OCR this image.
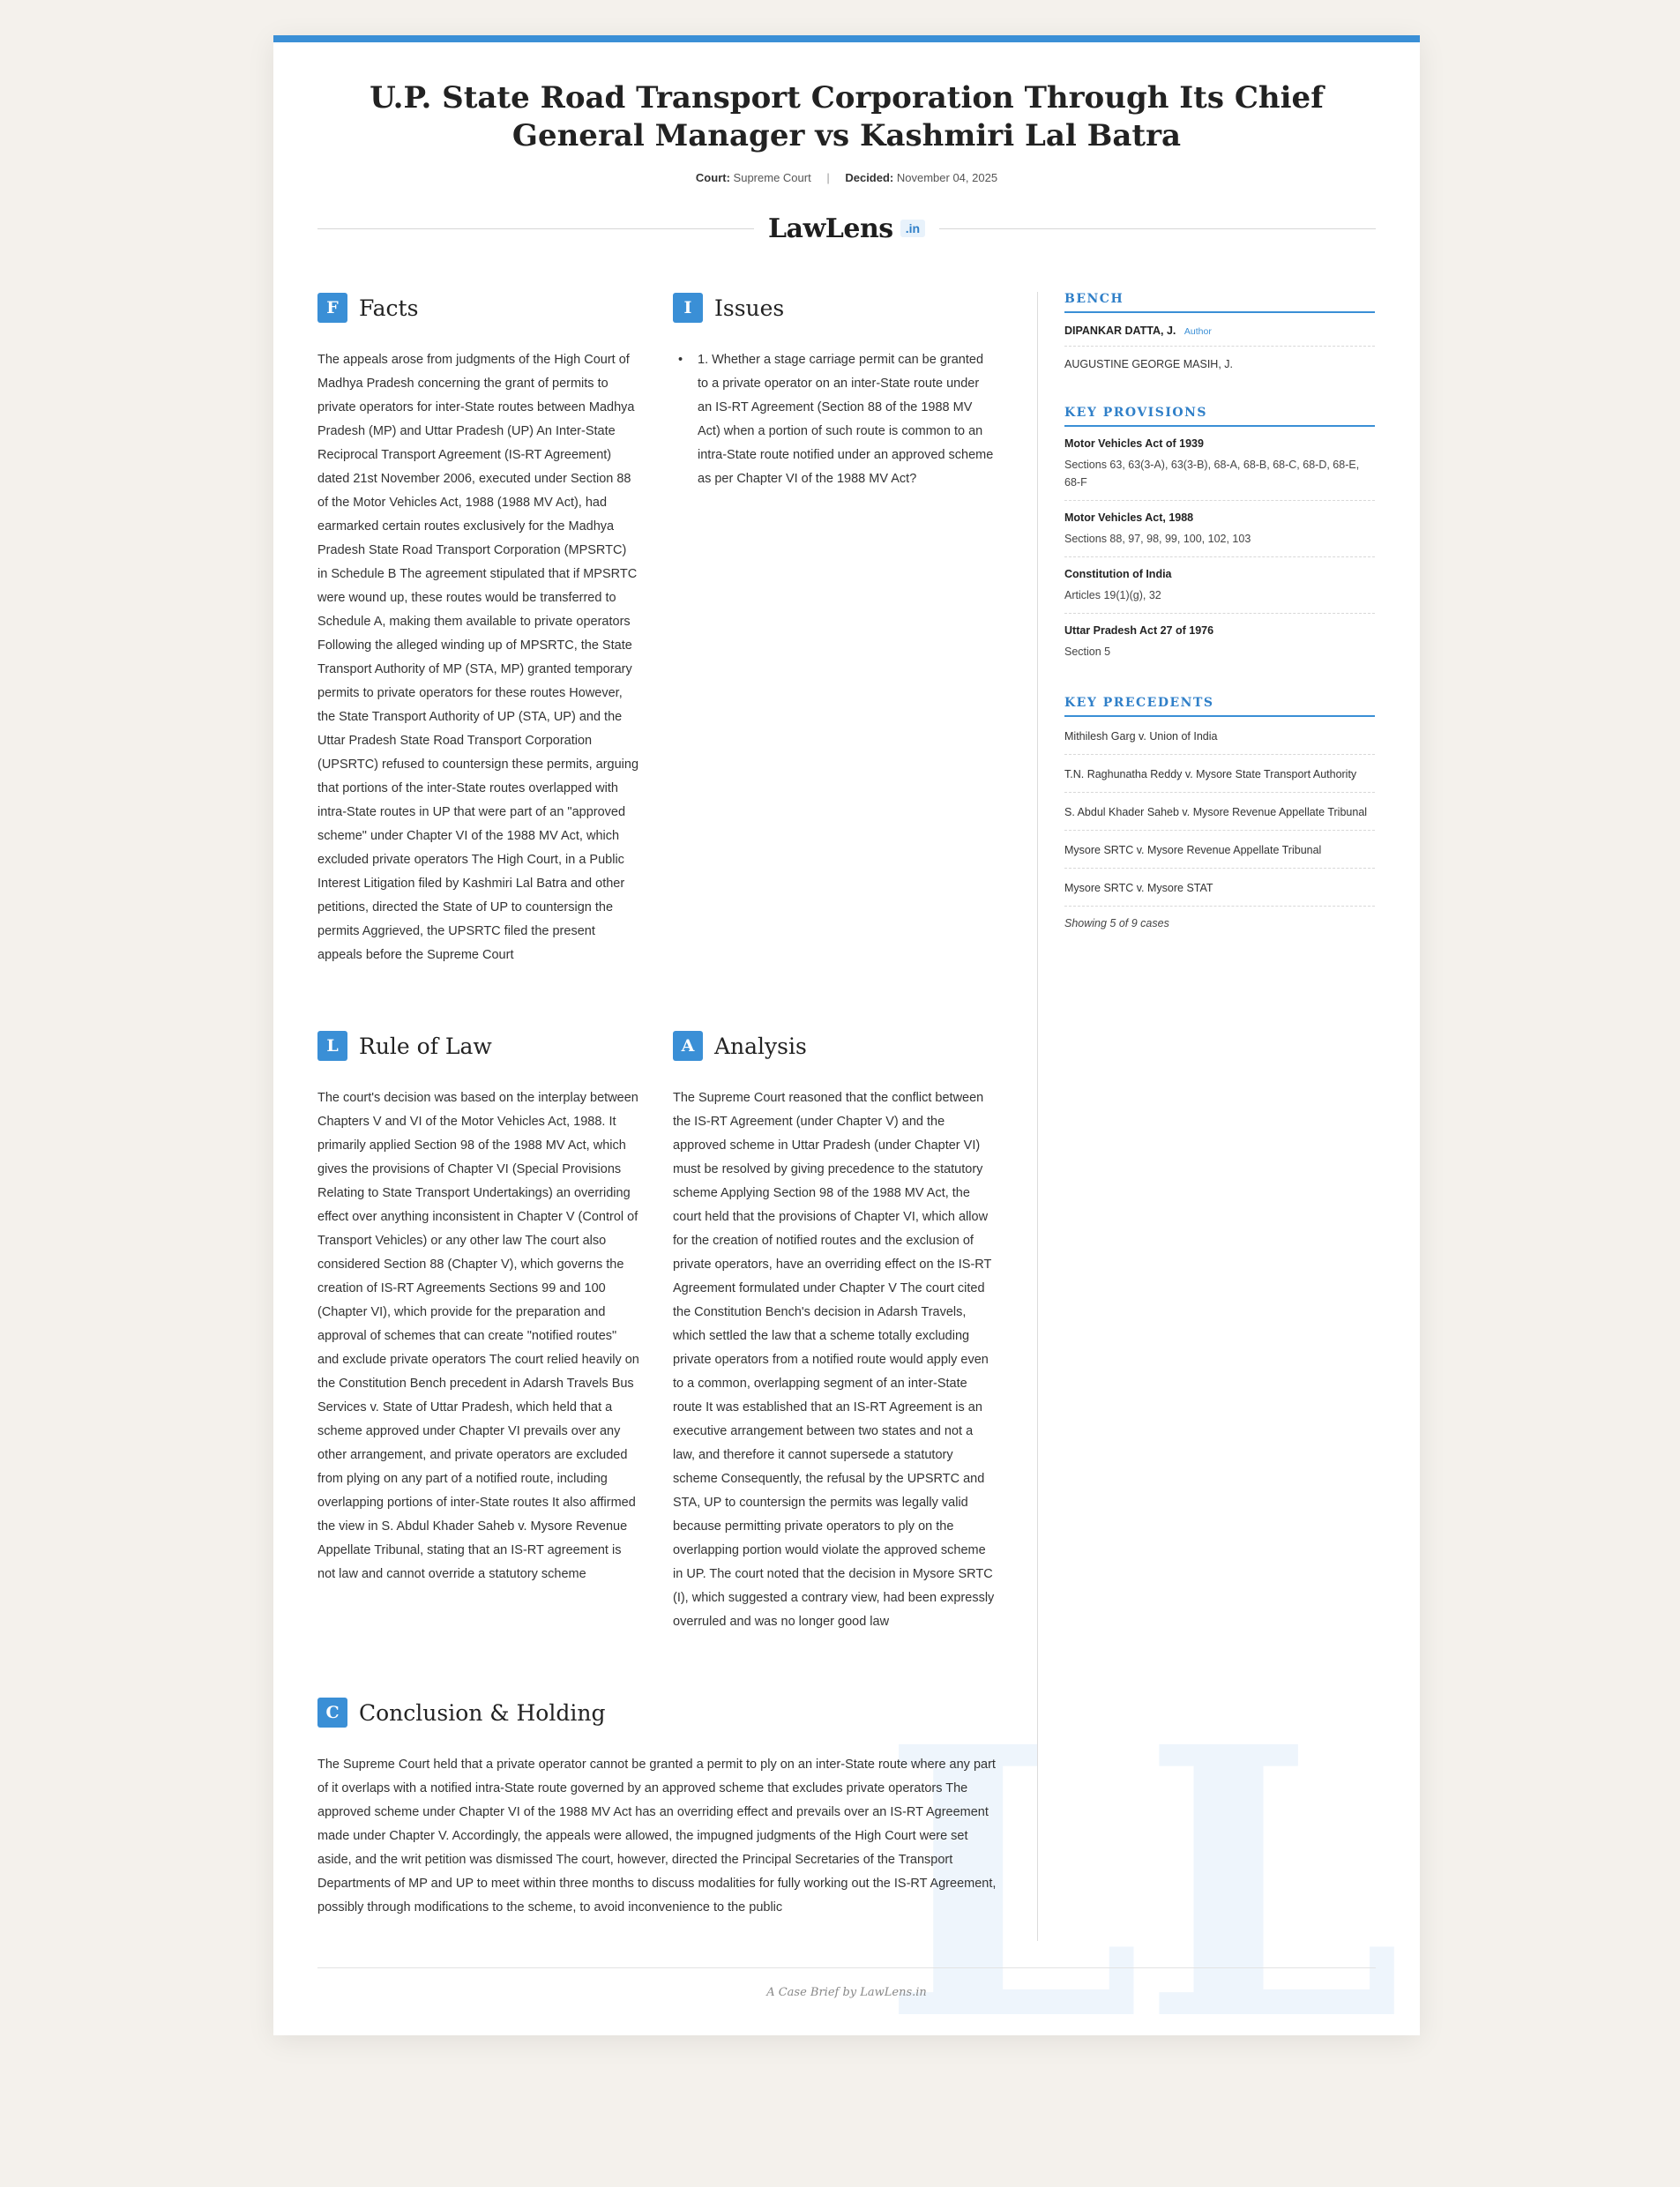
LL
U.P. State Road Transport Corporation Through Its Chief General Manager vs Kashmiri Lal Batra
Court: Supreme Court | Decided: November 04, 2025
LawLens	.in
F Facts
The appeals arose from judgments of the High Court of Madhya Pradesh concerning the grant of permits to private operators for inter-State routes between Madhya Pradesh (MP) and Uttar Pradesh (UP) An Inter-State Reciprocal Transport Agreement (IS-RT Agreement) dated 21st November 2006, executed under Section 88 of the Motor Vehicles Act, 1988 (1988 MV Act), had earmarked certain routes exclusively for the Madhya Pradesh State Road Transport Corporation (MPSRTC) in Schedule B The agreement stipulated that if MPSRTC were wound up, these routes would be transferred to Schedule A, making them available to private operators Following the alleged winding up of MPSRTC, the State Transport Authority of MP (STA, MP) granted temporary permits to private operators for these routes However, the State Transport Authority of UP (STA, UP) and the Uttar Pradesh State Road Transport Corporation (UPSRTC) refused to countersign these permits, arguing that portions of the inter-State routes overlapped with intra-State routes in UP that were part of an "approved scheme" under Chapter VI of the 1988 MV Act, which excluded private operators The High Court, in a Public Interest Litigation filed by Kashmiri Lal Batra and other petitions, directed the State of UP to countersign the permits Aggrieved, the UPSRTC filed the present appeals before the Supreme Court
I	Issues
• 1. Whether a stage carriage permit can be granted to a private operator on an inter-State route under an IS-RT Agreement (Section 88 of the 1988 MV Act) when a portion of such route is common to an intra-State route notified under an approved scheme as per Chapter VI of the 1988 MV Act?
L Rule of Law
The court's decision was based on the interplay between Chapters V and VI of the Motor Vehicles Act, 1988. It primarily applied Section 98 of the 1988 MV Act, which gives the provisions of Chapter VI (Special Provisions Relating to State Transport Undertakings) an overriding effect over anything inconsistent in Chapter V (Control of Transport Vehicles) or any other law The court also considered Section 88 (Chapter V), which governs the creation of IS-RT Agreements Sections 99 and 100 (Chapter VI), which provide for the preparation and approval of schemes that can create "notified routes" and exclude private operators The court relied heavily on the Constitution Bench precedent in Adarsh Travels Bus Services v. State of Uttar Pradesh, which held that a scheme approved under Chapter VI prevails over any other arrangement, and private operators are excluded from plying on any part of a notified route, including overlapping portions of inter-State routes It also affirmed the view in S. Abdul Khader Saheb v. Mysore Revenue Appellate Tribunal, stating that an IS-RT agreement is not law and cannot override a statutory scheme
A Analysis
The Supreme Court reasoned that the conflict between the IS-RT Agreement (under Chapter V) and the approved scheme in Uttar Pradesh (under Chapter VI) must be resolved by giving precedence to the statutory scheme Applying Section 98 of the 1988 MV Act, the court held that the provisions of Chapter VI, which allow for the creation of notified routes and the exclusion of private operators, have an overriding effect on the IS-RT Agreement formulated under Chapter V The court cited the Constitution Bench's decision in Adarsh Travels, which settled the law that a scheme totally excluding private operators from a notified route would apply even to a common, overlapping segment of an inter-State route It was established that an IS-RT Agreement is an executive arrangement between two states and not a law, and therefore it cannot supersede a statutory scheme Consequently, the refusal by the UPSRTC and STA, UP to countersign the permits was legally valid because permitting private operators to ply on the overlapping portion would violate the approved scheme in UP. The court noted that the decision in Mysore SRTC (I), which suggested a contrary view, had been expressly overruled and was no longer good law
C Conclusion & Holding
The Supreme Court held that a private operator cannot be granted a permit to ply on an inter-State route where any part of it overlaps with a notified intra-State route governed by an approved scheme that excludes private operators The approved scheme under Chapter VI of the 1988 MV Act has an overriding effect and prevails over an IS-RT Agreement made under Chapter V. Accordingly, the appeals were allowed, the impugned judgments of the High Court were set aside, and the writ petition was dismissed The court, however, directed the Principal Secretaries of the Transport Departments of MP and UP to meet within three months to discuss modalities for fully working out the IS-RT Agreement, possibly through modifications to the scheme, to avoid inconvenience to the public
BENCH
DIPANKAR DATTA, J. Author
AUGUSTINE GEORGE MASIH, J.
KEY PROVISIONS
Motor Vehicles Act of 1939
Sections 63, 63(3-A), 63(3-B), 68-A, 68-B, 68-C, 68-D, 68-E, 68-F
Motor Vehicles Act, 1988
Sections 88, 97, 98, 99, 100, 102, 103
Constitution of India
Articles 19(1)(g), 32
Uttar Pradesh Act 27 of 1976
Section 5
KEY PRECEDENTS
Mithilesh Garg v. Union of India
T.N. Raghunatha Reddy v. Mysore State Transport Authority
S. Abdul Khader Saheb v. Mysore Revenue Appellate Tribunal
Mysore SRTC v. Mysore Revenue Appellate Tribunal
Mysore SRTC v. Mysore STAT
Showing 5 of 9 cases
A Case Brief by LawLens.in
